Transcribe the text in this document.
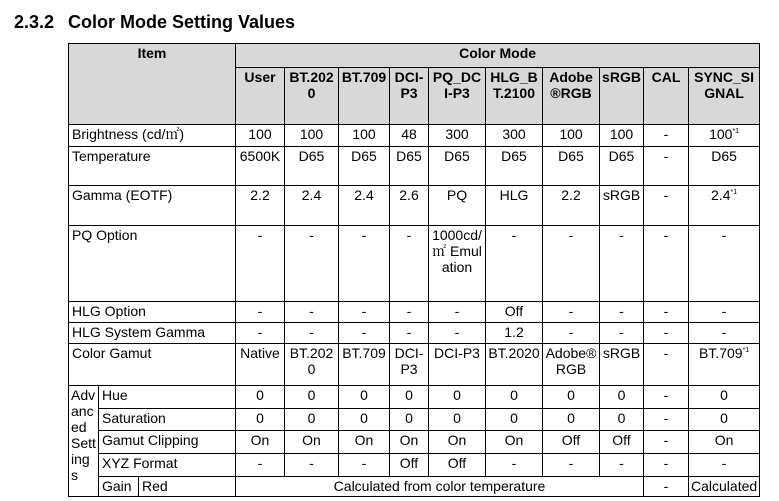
2.3.2 Color Mode Setting Values
Item			Color Mode									
			User	BT.2020	BT.709	DCI-P3	PQ_DCI-P3	HLG_BT.2100	Adobe®RGB	sRGB	CAL	SYNC_SIGNAL
Brightness (cd/㎡)			100	100	100	48	300	300	100	100	-	100$^{*1}$
Temperature			6500K	D65	D65	D65	D65	D65	D65	D65	-	D65
Gamma (EOTF)			2.2	2.4	2.4	2.6	PQ	HLG	2.2	sRGB	-	2.4$^{*1}$
PQ Option			-	-	-	-	1000cd/㎡ Emulation	-	-	-	-	-
HLG Option			-	-	-	-	-	Off	-	-	-	-
HLG System Gamma			-	-	-	-	-	1.2	-	-	-	-
Color Gamut			Native	BT.2020	BT.709	DCI-P3	DCI-P3	BT.2020	Adobe®RGB	sRGB	-	BT.709$^{*1}$
Advanced Settings	Hue		0	0	0	0	0	0	0	0	-	0
	Saturation		0	0	0	0	0	0	0	0	-	0
	Gamut Clipping		On	On	On	On	On	On	Off	Off	-	On
	XYZ Format		-	-	-	Off	Off	-	-	-	-	-
	Gain	Red	Calculated from color temperature								-	Calculated
